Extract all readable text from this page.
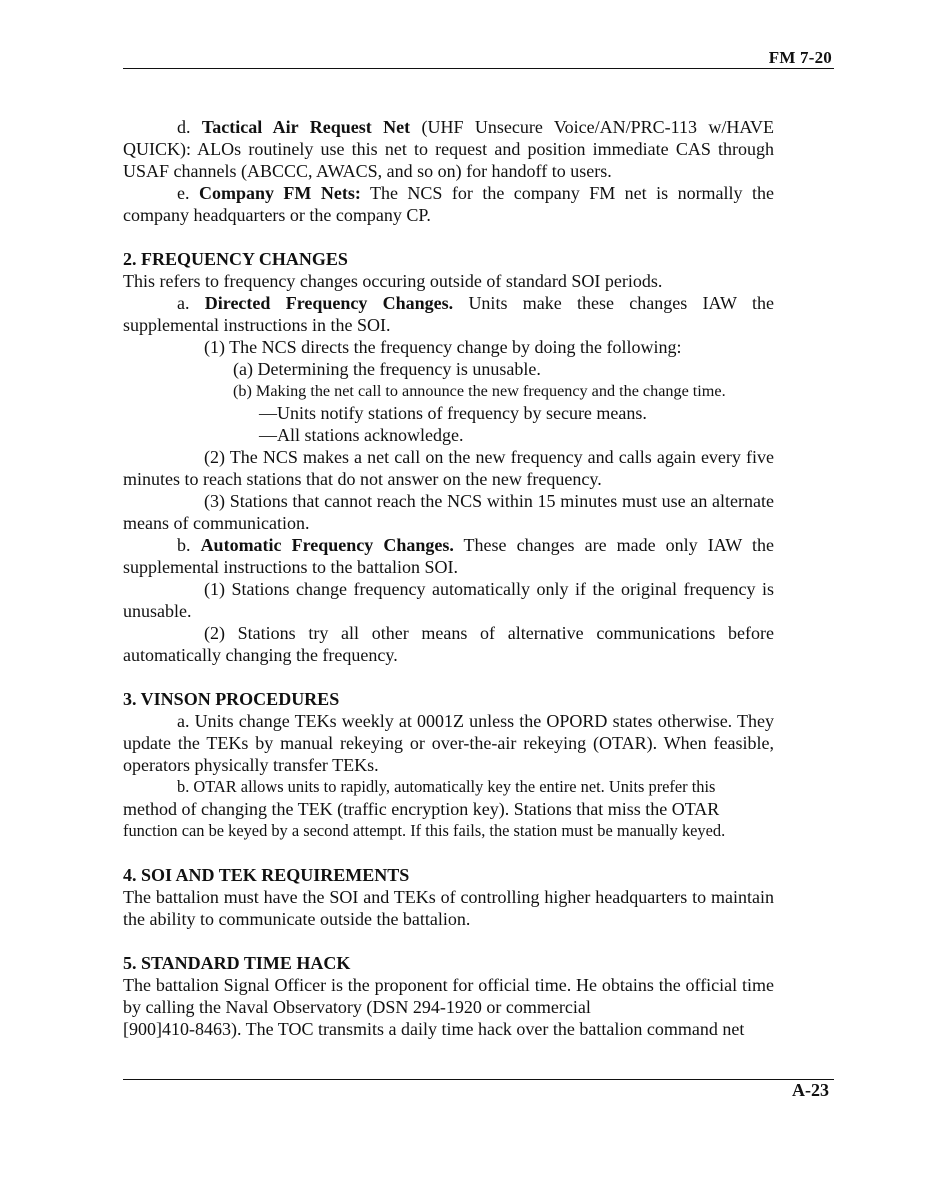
FM 7-20

d. Tactical Air Request Net (UHF Unsecure Voice/AN/PRC-113 w/HAVE QUICK): ALOs routinely use this net to request and position immediate CAS through USAF channels (ABCCC, AWACS, and so on) for handoff to users.

e. Company FM Nets: The NCS for the company FM net is normally the company headquarters or the company CP.

2. FREQUENCY CHANGES

This refers to frequency changes occuring outside of standard SOI periods.

a. Directed Frequency Changes. Units make these changes IAW the supplemental instructions in the SOI.

(1) The NCS directs the frequency change by doing the following:

(a) Determining the frequency is unusable.

(b) Making the net call to announce the new frequency and the change time.

—Units notify stations of frequency by secure means.

—All stations acknowledge.

(2) The NCS makes a net call on the new frequency and calls again every five minutes to reach stations that do not answer on the new frequency.

(3) Stations that cannot reach the NCS within 15 minutes must use an alternate means of communication.

b. Automatic Frequency Changes. These changes are made only IAW the supplemental instructions to the battalion SOI.

(1) Stations change frequency automatically only if the original frequency is unusable.

(2) Stations try all other means of alternative communications before automatically changing the frequency.

3. VINSON PROCEDURES

a. Units change TEKs weekly at 0001Z unless the OPORD states otherwise. They update the TEKs by manual rekeying or over-the-air rekeying (OTAR). When feasible, operators physically transfer TEKs.

b. OTAR allows units to rapidly, automatically key the entire net. Units prefer this

method of changing the TEK (traffic encryption key). Stations that miss the OTAR

function can be keyed by a second attempt. If this fails, the station must be manually keyed.

4. SOI AND TEK REQUIREMENTS

The battalion must have the SOI and TEKs of controlling higher headquarters to maintain the ability to communicate outside the battalion.

5. STANDARD TIME HACK

The battalion Signal Officer is the proponent for official time. He obtains the official time by calling the Naval Observatory (DSN 294-1920 or commercial

[900]410-8463). The TOC transmits a daily time hack over the battalion command net

A-23
